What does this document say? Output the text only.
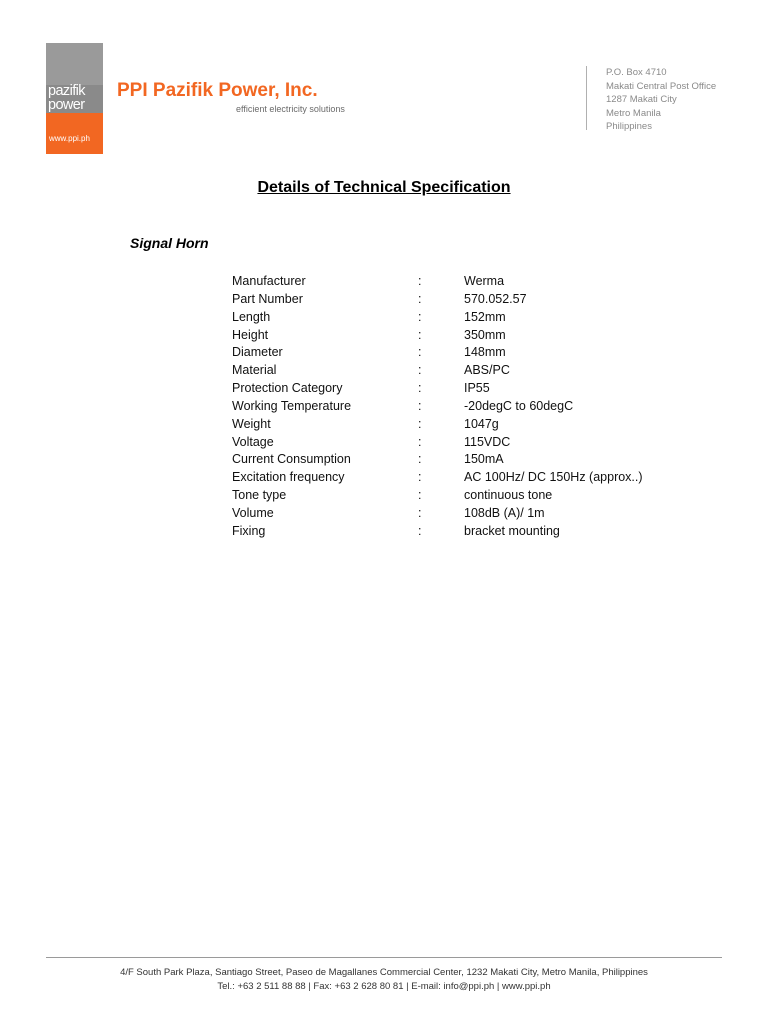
pazifik
power
www.ppi.ph
PPI Pazifik Power, Inc.
efficient electricity solutions
P.O. Box 4710
Makati Central Post Office
1287 Makati City
Metro Manila
Philippines
Details of Technical Specification
Signal Horn
Manufacturer	:	Werma
Part Number	:	570.052.57
Length	:	152mm
Height	:	350mm
Diameter	:	148mm
Material	:	ABS/PC
Protection Category	:	IP55
Working Temperature	:	-20degC to 60degC
Weight	:	1047g
Voltage	:	115VDC
Current Consumption	:	150mA
Excitation frequency	:	AC 100Hz/ DC 150Hz (approx..)
Tone type	:	continuous tone
Volume	:	108dB (A)/ 1m
Fixing	:	bracket mounting
4/F South Park Plaza, Santiago Street, Paseo de Magallanes Commercial Center, 1232 Makati City, Metro Manila, Philippines
Tel.: +63 2 511 88 88 | Fax: +63 2 628 80 81 | E-mail: info@ppi.ph | www.ppi.ph
